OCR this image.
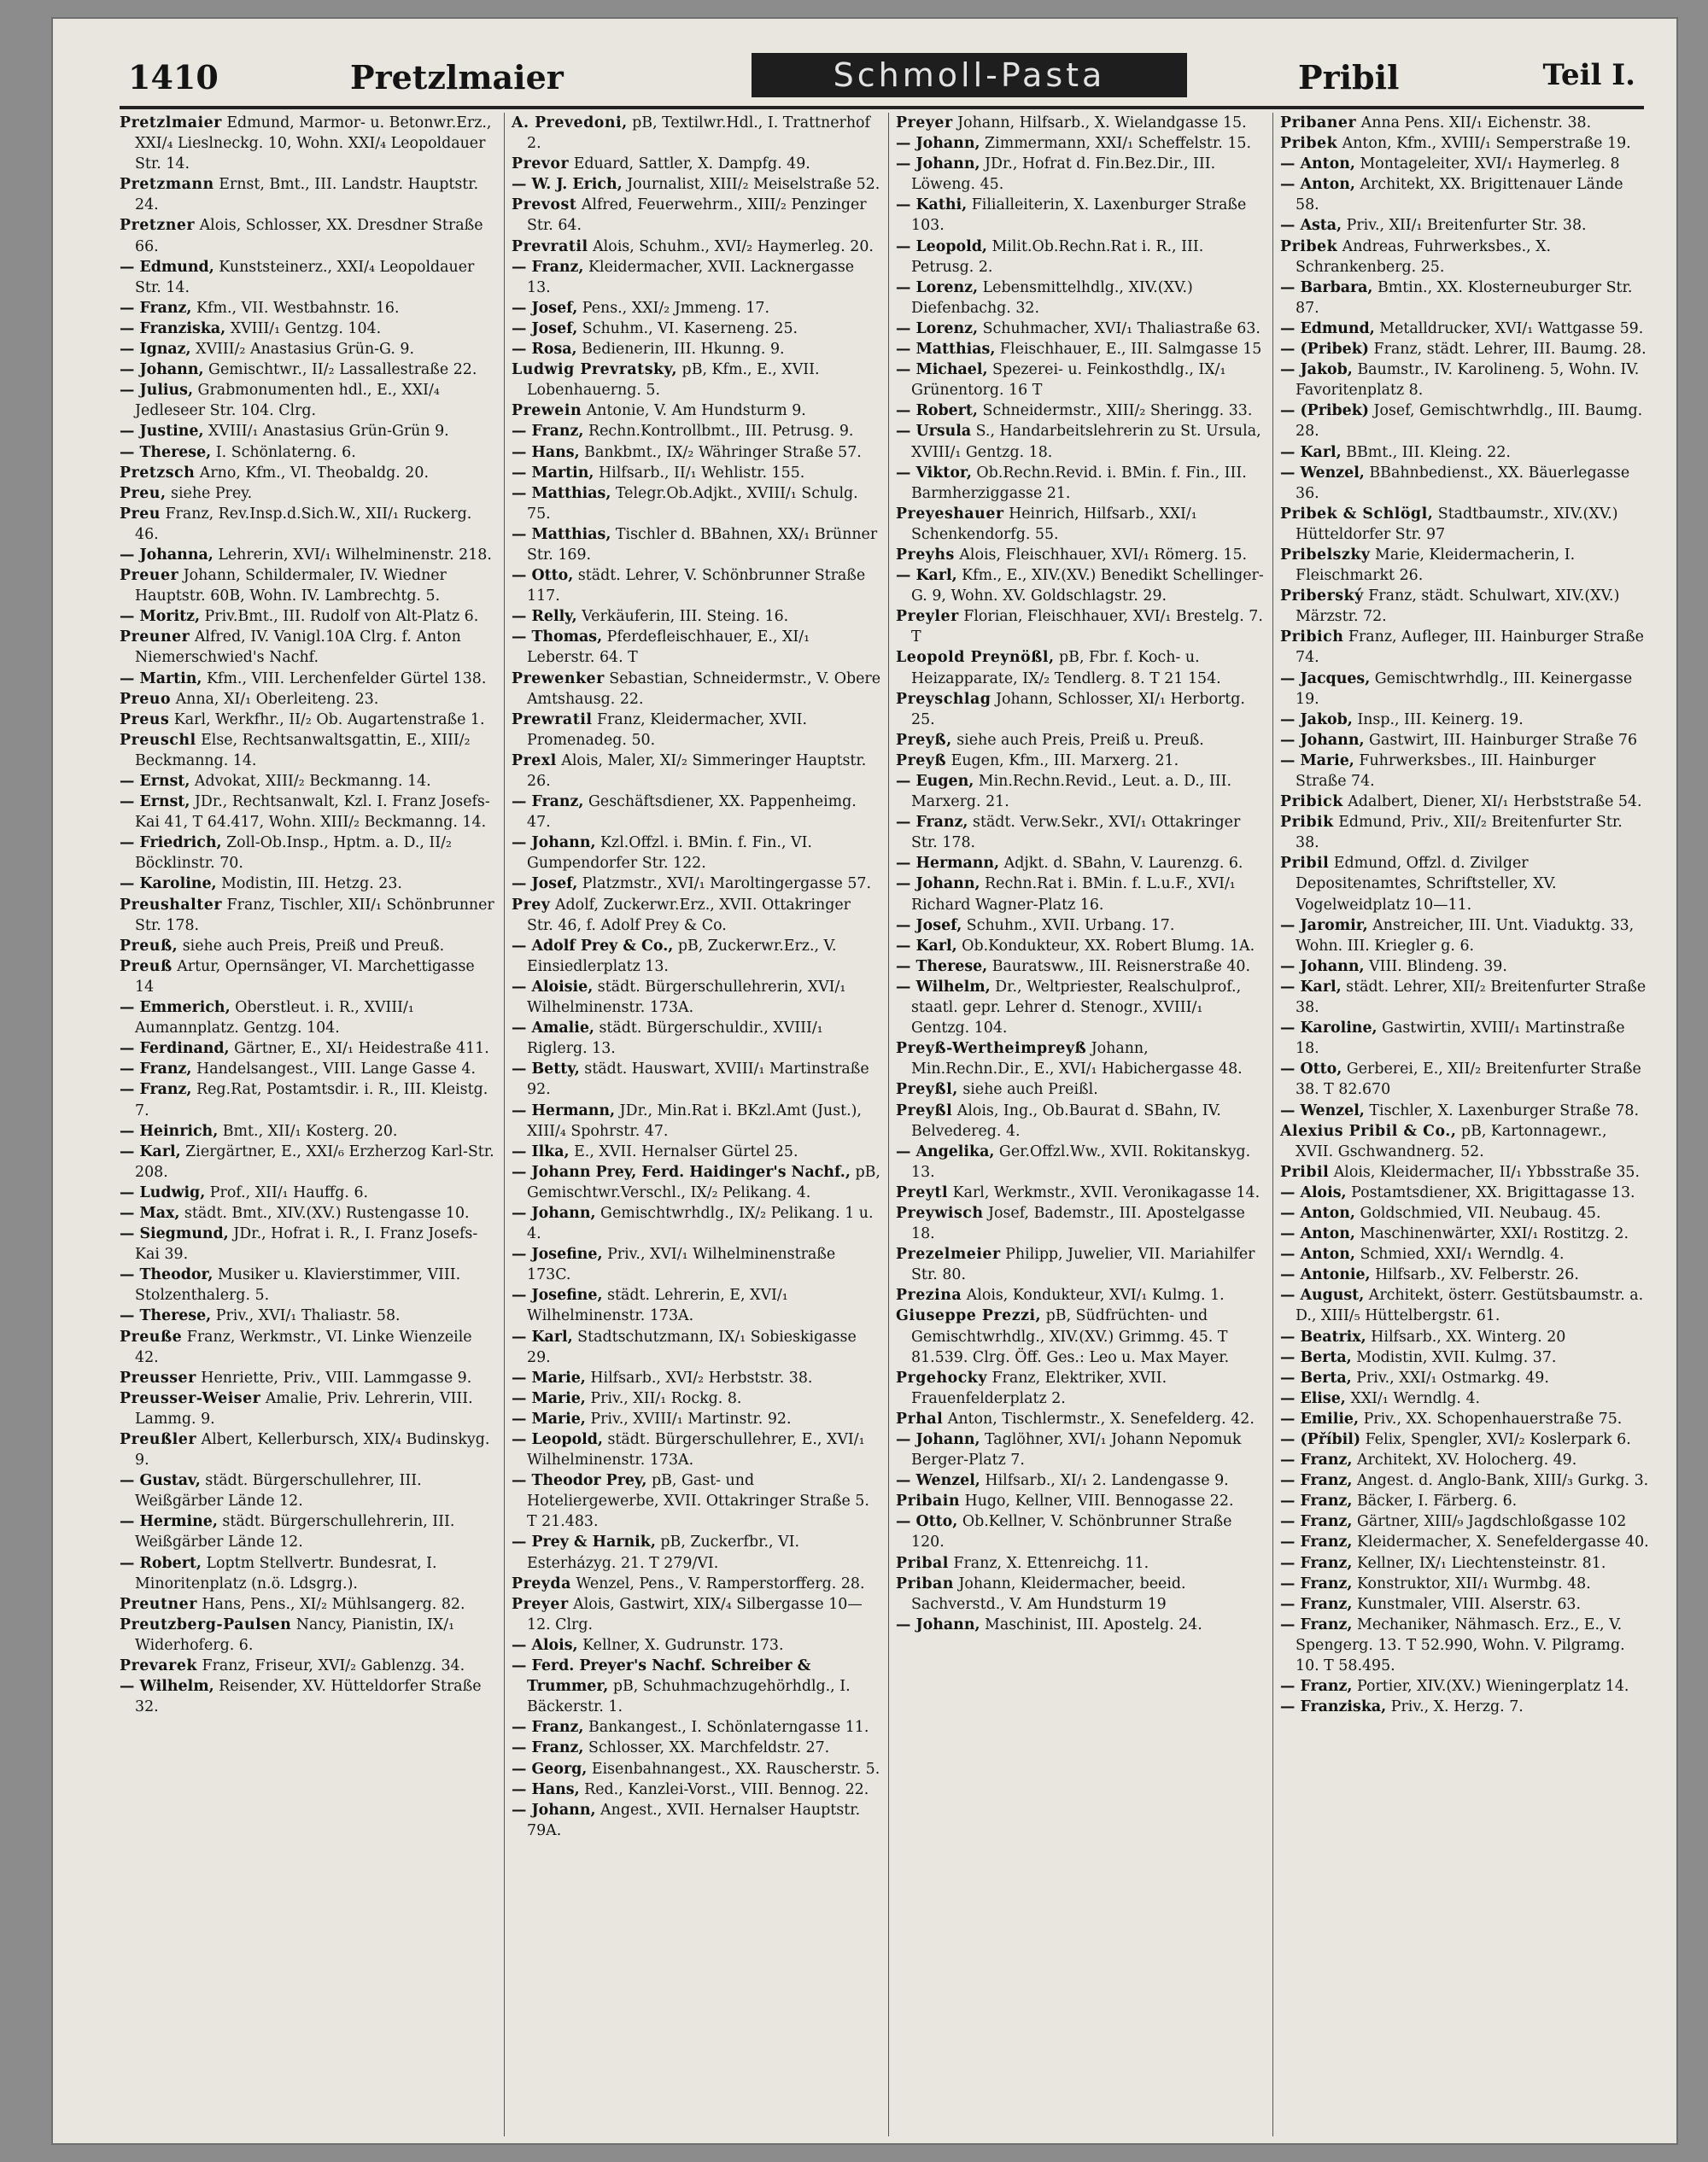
1410	Pretzlmaier	Schmoll-Pasta	Pribil	Teil I.

Pretzlmaier Edmund, Marmor- u. Betonwr.Erz., XXI/₄ Lieslneckg. 10, Wohn. XXI/₄ Leopoldauer Str. 14.

Pretzmann Ernst, Bmt., III. Landstr. Hauptstr. 24.

Pretzner Alois, Schlosser, XX. Dresdner Straße 66.

— Edmund, Kunststeinerz., XXI/₄ Leopoldauer Str. 14.

— Franz, Kfm., VII. Westbahnstr. 16.

— Franziska, XVIII/₁ Gentzg. 104.

— Ignaz, XVIII/₂ Anastasius Grün-G. 9.

— Johann, Gemischtwr., II/₂ Lassallestraße 22.

— Julius, Grabmonumenten hdl., E., XXI/₄ Jedleseer Str. 104. Clrg.

— Justine, XVIII/₁ Anastasius Grün-Grün 9.

— Therese, I. Schönlaterng. 6.

Pretzsch Arno, Kfm., VI. Theobaldg. 20.

Preu, siehe Prey.

Preu Franz, Rev.Insp.d.Sich.W., XII/₁ Ruckerg. 46.

— Johanna, Lehrerin, XVI/₁ Wilhelminenstr. 218.

Preuer Johann, Schildermaler, IV. Wiedner Hauptstr. 60B, Wohn. IV. Lambrechtg. 5.

— Moritz, Priv.Bmt., III. Rudolf von Alt-Platz 6.

Preuner Alfred, IV. Vanigl.10A Clrg. f. Anton Niemerschwied's Nachf.

— Martin, Kfm., VIII. Lerchenfelder Gürtel 138.

Preuo Anna, XI/₁ Oberleiteng. 23.

Preus Karl, Werkfhr., II/₂ Ob. Augartenstraße 1.

Preuschl Else, Rechtsanwaltsgattin, E., XIII/₂ Beckmanng. 14.

— Ernst, Advokat, XIII/₂ Beckmanng. 14.

— Ernst, JDr., Rechtsanwalt, Kzl. I. Franz Josefs-Kai 41, T 64.417, Wohn. XIII/₂ Beckmanng. 14.

— Friedrich, Zoll-Ob.Insp., Hptm. a. D., II/₂ Böcklinstr. 70.

— Karoline, Modistin, III. Hetzg. 23.

Preushalter Franz, Tischler, XII/₁ Schönbrunner Str. 178.

Preuß, siehe auch Preis, Preiß und Preuß.

Preuß Artur, Opernsänger, VI. Marchettigasse 14

— Emmerich, Oberstleut. i. R., XVIII/₁ Aumannplatz. Gentzg. 104.

— Ferdinand, Gärtner, E., XI/₁ Heidestraße 411.

— Franz, Handelsangest., VIII. Lange Gasse 4.

— Franz, Reg.Rat, Postamtsdir. i. R., III. Kleistg. 7.

— Heinrich, Bmt., XII/₁ Kosterg. 20.

— Karl, Ziergärtner, E., XXI/₆ Erzherzog Karl-Str. 208.

— Ludwig, Prof., XII/₁ Hauffg. 6.

— Max, städt. Bmt., XIV.(XV.) Rustengasse 10.

— Siegmund, JDr., Hofrat i. R., I. Franz Josefs-Kai 39.

— Theodor, Musiker u. Klavierstimmer, VIII. Stolzenthalerg. 5.

— Therese, Priv., XVI/₁ Thaliastr. 58.

Preuße Franz, Werkmstr., VI. Linke Wienzeile 42.

Preusser Henriette, Priv., VIII. Lammgasse 9.

Preusser-Weiser Amalie, Priv. Lehrerin, VIII. Lammg. 9.

Preußler Albert, Kellerbursch, XIX/₄ Budinskyg. 9.

— Gustav, städt. Bürgerschullehrer, III. Weißgärber Lände 12.

— Hermine, städt. Bürgerschullehrerin, III. Weißgärber Lände 12.

— Robert, Loptm Stellvertr. Bundesrat, I. Minoritenplatz (n.ö. Ldsgrg.).

Preutner Hans, Pens., XI/₂ Mühlsangerg. 82.

Preutzberg-Paulsen Nancy, Pianistin, IX/₁ Widerhoferg. 6.

Prevarek Franz, Friseur, XVI/₂ Gablenzg. 34.

— Wilhelm, Reisender, XV. Hütteldorfer Straße 32.

A. Prevedoni, pB, Textilwr.Hdl., I. Trattnerhof 2.

Prevor Eduard, Sattler, X. Dampfg. 49.

— W. J. Erich, Journalist, XIII/₂ Meiselstraße 52.

Prevost Alfred, Feuerwehrm., XIII/₂ Penzinger Str. 64.

Prevratil Alois, Schuhm., XVI/₂ Haymerleg. 20.

— Franz, Kleidermacher, XVII. Lacknergasse 13.

— Josef, Pens., XXI/₂ Jmmeng. 17.

— Josef, Schuhm., VI. Kaserneng. 25.

— Rosa, Bedienerin, III. Hkunng. 9.

Ludwig Prevratsky, pB, Kfm., E., XVII. Lobenhauerng. 5.

Prewein Antonie, V. Am Hundsturm 9.

— Franz, Rechn.Kontrollbmt., III. Petrusg. 9.

— Hans, Bankbmt., IX/₂ Währinger Straße 57.

— Martin, Hilfsarb., II/₁ Wehlistr. 155.

— Matthias, Telegr.Ob.Adjkt., XVIII/₁ Schulg. 75.

— Matthias, Tischler d. BBahnen, XX/₁ Brünner Str. 169.

— Otto, städt. Lehrer, V. Schönbrunner Straße 117.

— Relly, Verkäuferin, III. Steing. 16.

— Thomas, Pferdefleischhauer, E., XI/₁ Leberstr. 64. T

Prewenker Sebastian, Schneidermstr., V. Obere Amtshausg. 22.

Prewratil Franz, Kleidermacher, XVII. Promenadeg. 50.

Prexl Alois, Maler, XI/₂ Simmeringer Hauptstr. 26.

— Franz, Geschäftsdiener, XX. Pappenheimg. 47.

— Johann, Kzl.Offzl. i. BMin. f. Fin., VI. Gumpendorfer Str. 122.

— Josef, Platzmstr., XVI/₁ Maroltingergasse 57.

Prey Adolf, Zuckerwr.Erz., XVII. Ottakringer Str. 46, f. Adolf Prey & Co.

— Adolf Prey & Co., pB, Zuckerwr.Erz., V. Einsiedlerplatz 13.

— Aloisie, städt. Bürgerschullehrerin, XVI/₁ Wilhelminenstr. 173A.

— Amalie, städt. Bürgerschuldir., XVIII/₁ Riglerg. 13.

— Betty, städt. Hauswart, XVIII/₁ Martinstraße 92.

— Hermann, JDr., Min.Rat i. BKzl.Amt (Just.), XIII/₄ Spohrstr. 47.

— Ilka, E., XVII. Hernalser Gürtel 25.

— Johann Prey, Ferd. Haidinger's Nachf., pB, Gemischtwr.Verschl., IX/₂ Pelikang. 4.

— Johann, Gemischtwrhdlg., IX/₂ Pelikang. 1 u. 4.

— Josefine, Priv., XVI/₁ Wilhelminenstraße 173C.

— Josefine, städt. Lehrerin, E, XVI/₁ Wilhelminenstr. 173A.

— Karl, Stadtschutzmann, IX/₁ Sobieskigasse 29.

— Marie, Hilfsarb., XVI/₂ Herbststr. 38.

— Marie, Priv., XII/₁ Rockg. 8.

— Marie, Priv., XVIII/₁ Martinstr. 92.

— Leopold, städt. Bürgerschullehrer, E., XVI/₁ Wilhelminenstr. 173A.

— Theodor Prey, pB, Gast- und Hoteliergewerbe, XVII. Ottakringer Straße 5. T 21.483.

— Prey & Harnik, pB, Zuckerfbr., VI. Esterházyg. 21. T 279/VI.

Preyda Wenzel, Pens., V. Ramperstorfferg. 28.

Preyer Alois, Gastwirt, XIX/₄ Silbergasse 10—12. Clrg.

— Alois, Kellner, X. Gudrunstr. 173.

— Ferd. Preyer's Nachf. Schreiber & Trummer, pB, Schuhmachzugehörhdlg., I. Bäckerstr. 1.

— Franz, Bankangest., I. Schönlaterngasse 11.

— Franz, Schlosser, XX. Marchfeldstr. 27.

— Georg, Eisenbahnangest., XX. Rauscherstr. 5.

— Hans, Red., Kanzlei-Vorst., VIII. Bennog. 22.

— Johann, Angest., XVII. Hernalser Hauptstr. 79A.

Preyer Johann, Hilfsarb., X. Wielandgasse 15.

— Johann, Zimmermann, XXI/₁ Scheffelstr. 15.

— Johann, JDr., Hofrat d. Fin.Bez.Dir., III. Löweng. 45.

— Kathi, Filialleiterin, X. Laxenburger Straße 103.

— Leopold, Milit.Ob.Rechn.Rat i. R., III. Petrusg. 2.

— Lorenz, Lebensmittelhdlg., XIV.(XV.) Diefenbachg. 32.

— Lorenz, Schuhmacher, XVI/₁ Thaliastraße 63.

— Matthias, Fleischhauer, E., III. Salmgasse 15

— Michael, Spezerei- u. Feinkosthdlg., IX/₁ Grünentorg. 16 T

— Robert, Schneidermstr., XIII/₂ Sheringg. 33.

— Ursula S., Handarbeitslehrerin zu St. Ursula, XVIII/₁ Gentzg. 18.

— Viktor, Ob.Rechn.Revid. i. BMin. f. Fin., III. Barmherziggasse 21.

Preyeshauer Heinrich, Hilfsarb., XXI/₁ Schenkendorfg. 55.

Preyhs Alois, Fleischhauer, XVI/₁ Römerg. 15.

— Karl, Kfm., E., XIV.(XV.) Benedikt Schellinger-G. 9, Wohn. XV. Goldschlagstr. 29.

Preyler Florian, Fleischhauer, XVI/₁ Brestelg. 7. T

Leopold Preynößl, pB, Fbr. f. Koch- u. Heizapparate, IX/₂ Tendlerg. 8. T 21 154.

Preyschlag Johann, Schlosser, XI/₁ Herbortg. 25.

Preyß, siehe auch Preis, Preiß u. Preuß.

Preyß Eugen, Kfm., III. Marxerg. 21.

— Eugen, Min.Rechn.Revid., Leut. a. D., III. Marxerg. 21.

— Franz, städt. Verw.Sekr., XVI/₁ Ottakringer Str. 178.

— Hermann, Adjkt. d. SBahn, V. Laurenzg. 6.

— Johann, Rechn.Rat i. BMin. f. L.u.F., XVI/₁ Richard Wagner-Platz 16.

— Josef, Schuhm., XVII. Urbang. 17.

— Karl, Ob.Kondukteur, XX. Robert Blumg. 1A.

— Therese, Bauratsww., III. Reisnerstraße 40.

— Wilhelm, Dr., Weltpriester, Realschulprof., staatl. gepr. Lehrer d. Stenogr., XVIII/₁ Gentzg. 104.

Preyß-Wertheimpreyß Johann, Min.Rechn.Dir., E., XVI/₁ Habichergasse 48.

Preyßl, siehe auch Preißl.

Preyßl Alois, Ing., Ob.Baurat d. SBahn, IV. Belvedereg. 4.

— Angelika, Ger.Offzl.Ww., XVII. Rokitanskyg. 13.

Preytl Karl, Werkmstr., XVII. Veronikagasse 14.

Preywisch Josef, Bademstr., III. Apostelgasse 18.

Prezelmeier Philipp, Juwelier, VII. Mariahilfer Str. 80.

Prezina Alois, Kondukteur, XVI/₁ Kulmg. 1.

Giuseppe Prezzi, pB, Südfrüchten- und Gemischtwrhdlg., XIV.(XV.) Grimmg. 45. T 81.539. Clrg. Öff. Ges.: Leo u. Max Mayer.

Prgehocky Franz, Elektriker, XVII. Frauenfelderplatz 2.

Prhal Anton, Tischlermstr., X. Senefelderg. 42.

— Johann, Taglöhner, XVI/₁ Johann Nepomuk Berger-Platz 7.

— Wenzel, Hilfsarb., XI/₁ 2. Landengasse 9.

Pribain Hugo, Kellner, VIII. Bennogasse 22.

— Otto, Ob.Kellner, V. Schönbrunner Straße 120.

Pribal Franz, X. Ettenreichg. 11.

Priban Johann, Kleidermacher, beeid. Sachverstd., V. Am Hundsturm 19

— Johann, Maschinist, III. Apostelg. 24.

Pribaner Anna Pens. XII/₁ Eichenstr. 38.

Pribek Anton, Kfm., XVIII/₁ Semperstraße 19.

— Anton, Montageleiter, XVI/₁ Haymerleg. 8

— Anton, Architekt, XX. Brigittenauer Lände 58.

— Asta, Priv., XII/₁ Breitenfurter Str. 38.

Pribek Andreas, Fuhrwerksbes., X. Schrankenberg. 25.

— Barbara, Bmtin., XX. Klosterneuburger Str. 87.

— Edmund, Metalldrucker, XVI/₁ Wattgasse 59.

— (Pribek) Franz, städt. Lehrer, III. Baumg. 28.

— Jakob, Baumstr., IV. Karolineng. 5, Wohn. IV. Favoritenplatz 8.

— (Pribek) Josef, Gemischtwrhdlg., III. Baumg. 28.

— Karl, BBmt., III. Kleing. 22.

— Wenzel, BBahnbedienst., XX. Bäuerlegasse 36.

Pribek & Schlögl, Stadtbaumstr., XIV.(XV.) Hütteldorfer Str. 97

Pribelszky Marie, Kleidermacherin, I. Fleischmarkt 26.

Priberský Franz, städt. Schulwart, XIV.(XV.) Märzstr. 72.

Pribich Franz, Aufleger, III. Hainburger Straße 74.

— Jacques, Gemischtwrhdlg., III. Keinergasse 19.

— Jakob, Insp., III. Keinerg. 19.

— Johann, Gastwirt, III. Hainburger Straße 76

— Marie, Fuhrwerksbes., III. Hainburger Straße 74.

Pribick Adalbert, Diener, XI/₁ Herbststraße 54.

Pribik Edmund, Priv., XII/₂ Breitenfurter Str. 38.

Pribil Edmund, Offzl. d. Zivilger Depositenamtes, Schriftsteller, XV. Vogelweidplatz 10—11.

— Jaromir, Anstreicher, III. Unt. Viaduktg. 33, Wohn. III. Kriegler g. 6.

— Johann, VIII. Blindeng. 39.

— Karl, städt. Lehrer, XII/₂ Breitenfurter Straße 38.

— Karoline, Gastwirtin, XVIII/₁ Martinstraße 18.

— Otto, Gerberei, E., XII/₂ Breitenfurter Straße 38. T 82.670

— Wenzel, Tischler, X. Laxenburger Straße 78.

Alexius Pribil & Co., pB, Kartonnagewr., XVII. Gschwandnerg. 52.

Pribil Alois, Kleidermacher, II/₁ Ybbsstraße 35.

— Alois, Postamtsdiener, XX. Brigittagasse 13.

— Anton, Goldschmied, VII. Neubaug. 45.

— Anton, Maschinenwärter, XXI/₁ Rostitzg. 2.

— Anton, Schmied, XXI/₁ Werndlg. 4.

— Antonie, Hilfsarb., XV. Felberstr. 26.

— August, Architekt, österr. Gestütsbaumstr. a. D., XIII/₅ Hüttelbergstr. 61.

— Beatrix, Hilfsarb., XX. Winterg. 20

— Berta, Modistin, XVII. Kulmg. 37.

— Berta, Priv., XXI/₁ Ostmarkg. 49.

— Elise, XXI/₁ Werndlg. 4.

— Emilie, Priv., XX. Schopenhauerstraße 75.

— (Příbil) Felix, Spengler, XVI/₂ Koslerpark 6.

— Franz, Architekt, XV. Holocherg. 49.

— Franz, Angest. d. Anglo-Bank, XIII/₃ Gurkg. 3.

— Franz, Bäcker, I. Färberg. 6.

— Franz, Gärtner, XIII/₉ Jagdschloßgasse 102

— Franz, Kleidermacher, X. Senefeldergasse 40.

— Franz, Kellner, IX/₁ Liechtensteinstr. 81.

— Franz, Konstruktor, XII/₁ Wurmbg. 48.

— Franz, Kunstmaler, VIII. Alserstr. 63.

— Franz, Mechaniker, Nähmasch. Erz., E., V. Spengerg. 13. T 52.990, Wohn. V. Pilgramg. 10. T 58.495.

— Franz, Portier, XIV.(XV.) Wieningerplatz 14.

— Franziska, Priv., X. Herzg. 7.
